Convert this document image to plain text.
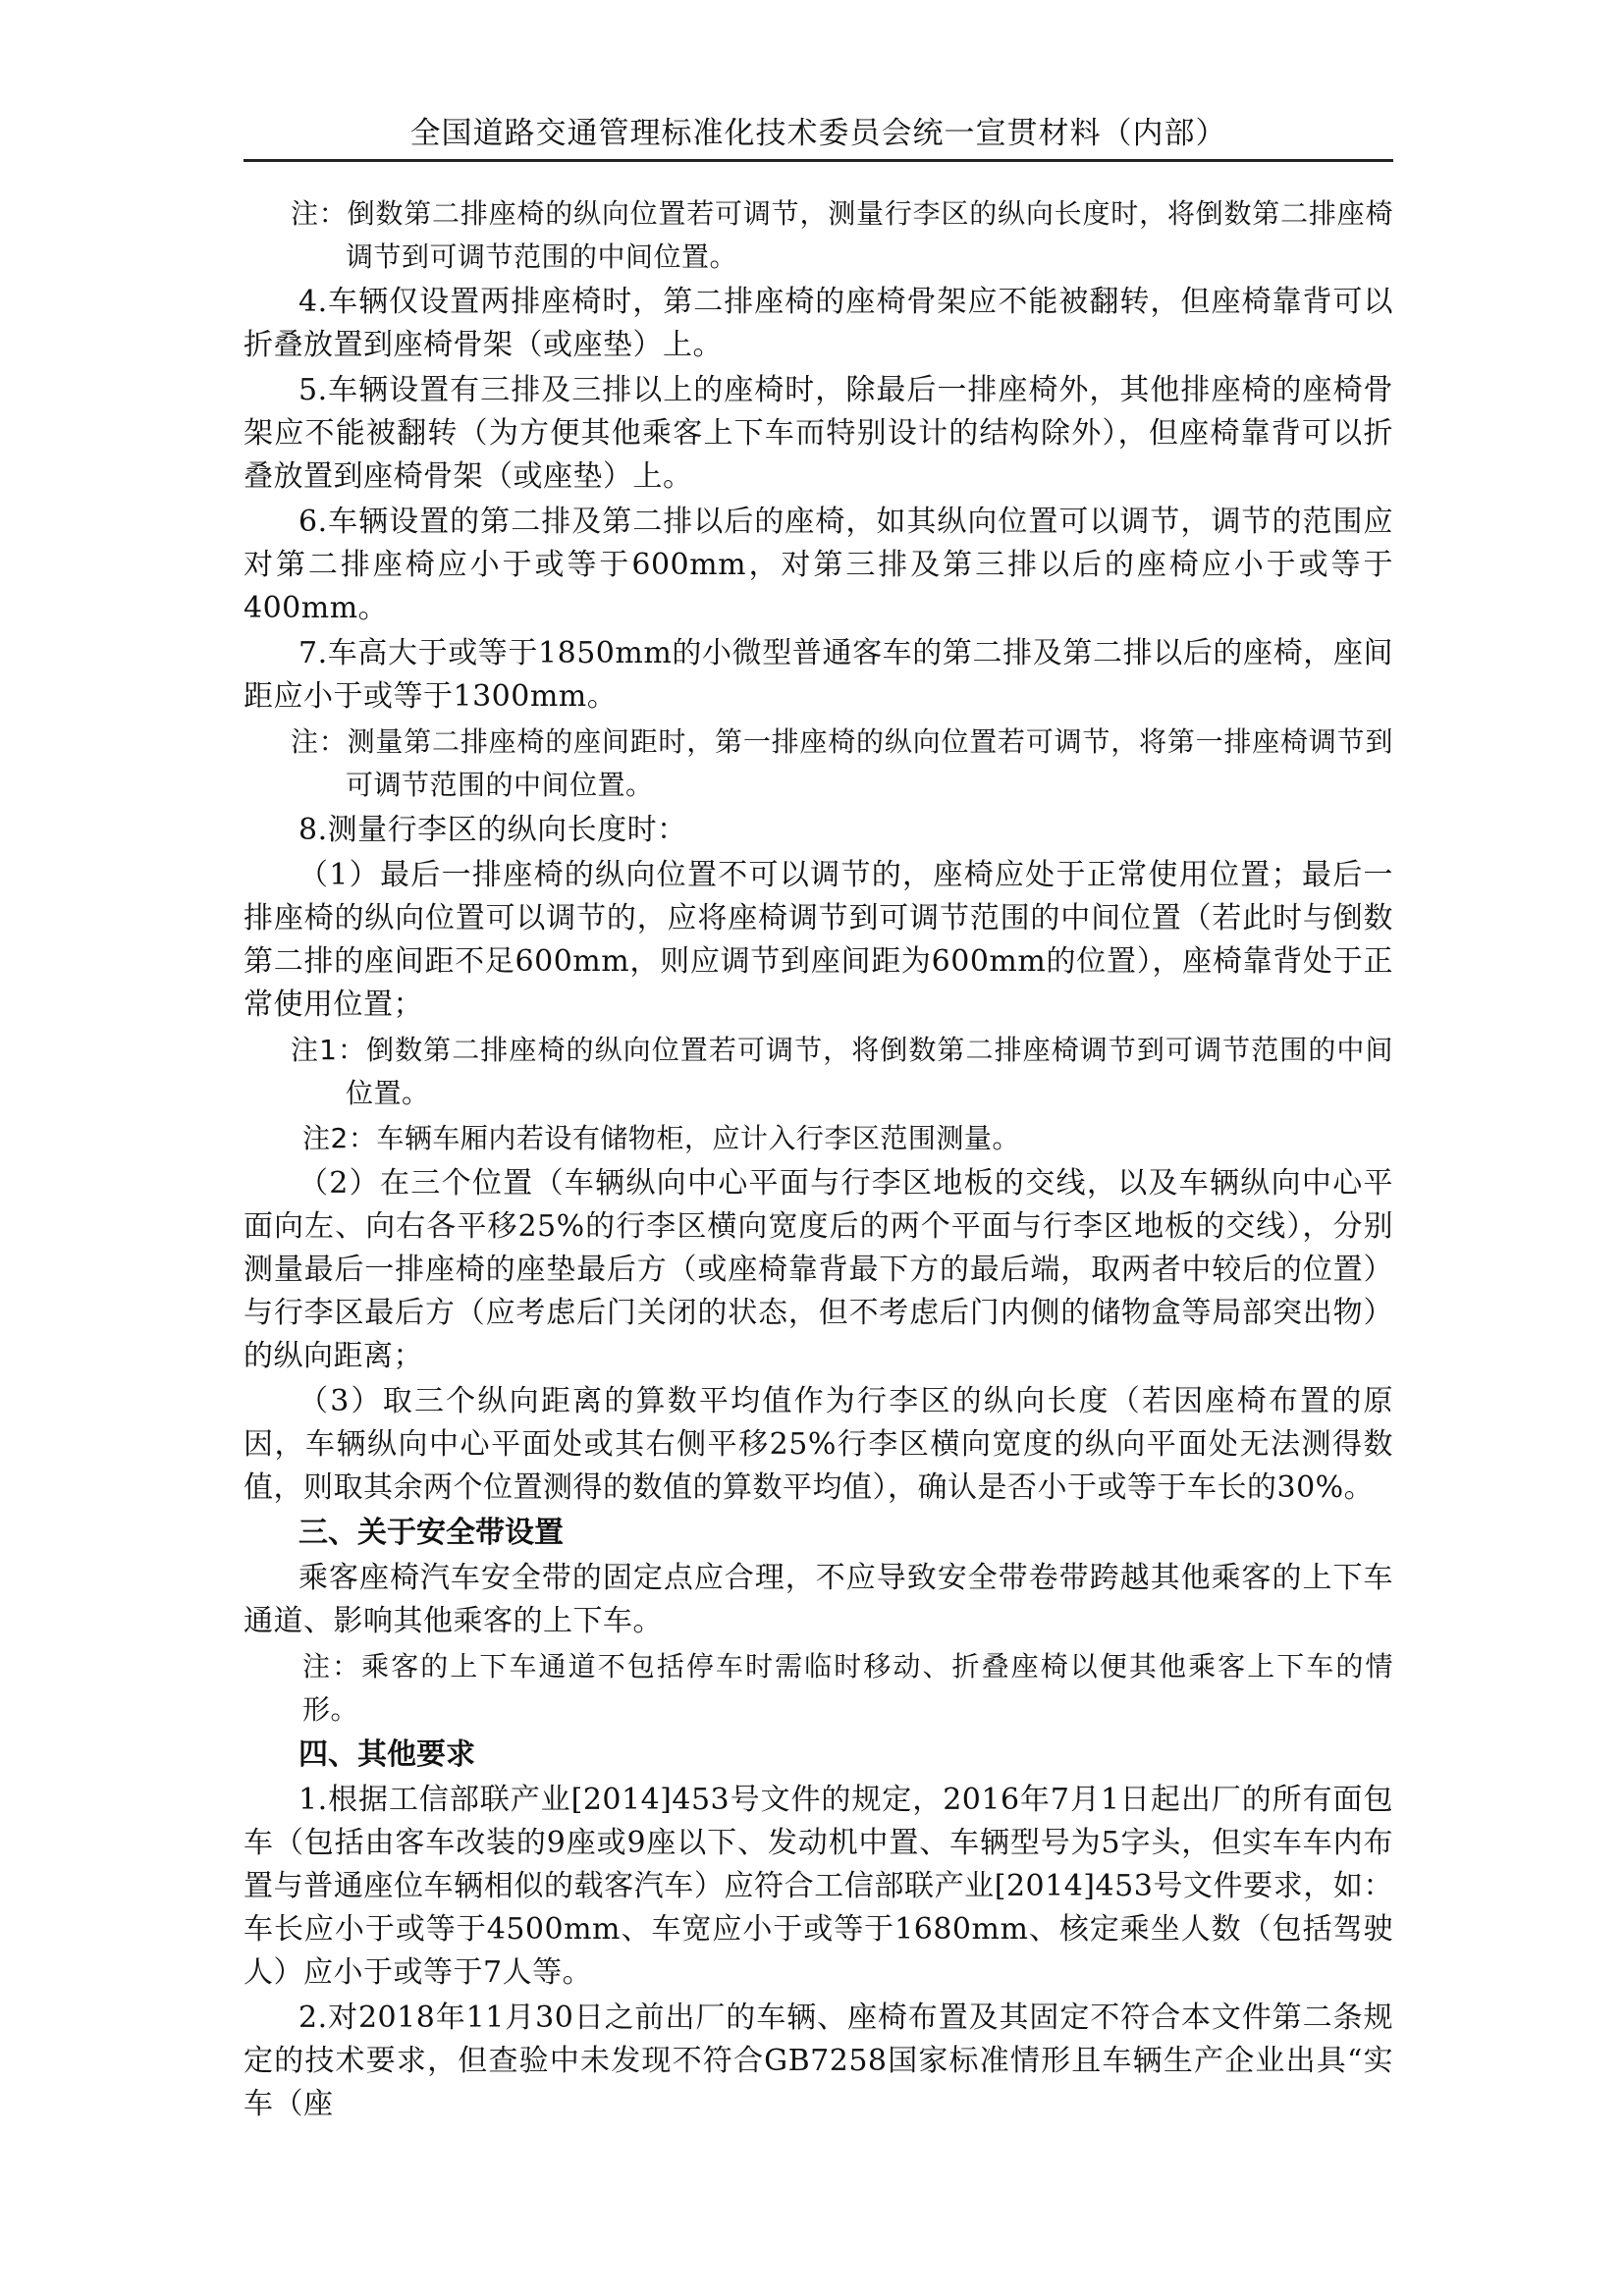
全国道路交通管理标准化技术委员会统一宣贯材料（内部）

注：倒数第二排座椅的纵向位置若可调节，测量行李区的纵向长度时，将倒数第二排座椅调节到可调节范围的中间位置。

4.车辆仅设置两排座椅时，第二排座椅的座椅骨架应不能被翻转，但座椅靠背可以折叠放置到座椅骨架（或座垫）上。

5.车辆设置有三排及三排以上的座椅时，除最后一排座椅外，其他排座椅的座椅骨架应不能被翻转（为方便其他乘客上下车而特别设计的结构除外），但座椅靠背可以折叠放置到座椅骨架（或座垫）上。

6.车辆设置的第二排及第二排以后的座椅，如其纵向位置可以调节，调节的范围应对第二排座椅应小于或等于600mm，对第三排及第三排以后的座椅应小于或等于400mm。

7.车高大于或等于1850mm的小微型普通客车的第二排及第二排以后的座椅，座间距应小于或等于1300mm。

注：测量第二排座椅的座间距时，第一排座椅的纵向位置若可调节，将第一排座椅调节到可调节范围的中间位置。

8.测量行李区的纵向长度时：

（1）最后一排座椅的纵向位置不可以调节的，座椅应处于正常使用位置；最后一排座椅的纵向位置可以调节的，应将座椅调节到可调节范围的中间位置（若此时与倒数第二排的座间距不足600mm，则应调节到座间距为600mm的位置），座椅靠背处于正常使用位置；

注1：倒数第二排座椅的纵向位置若可调节，将倒数第二排座椅调节到可调节范围的中间位置。

注2：车辆车厢内若设有储物柜，应计入行李区范围测量。

（2）在三个位置（车辆纵向中心平面与行李区地板的交线，以及车辆纵向中心平面向左、向右各平移25%的行李区横向宽度后的两个平面与行李区地板的交线），分别测量最后一排座椅的座垫最后方（或座椅靠背最下方的最后端，取两者中较后的位置）与行李区最后方（应考虑后门关闭的状态，但不考虑后门内侧的储物盒等局部突出物）的纵向距离；

（3）取三个纵向距离的算数平均值作为行李区的纵向长度（若因座椅布置的原因，车辆纵向中心平面处或其右侧平移25%行李区横向宽度的纵向平面处无法测得数值，则取其余两个位置测得的数值的算数平均值），确认是否小于或等于车长的30%。

三、关于安全带设置

乘客座椅汽车安全带的固定点应合理，不应导致安全带卷带跨越其他乘客的上下车通道、影响其他乘客的上下车。

注：乘客的上下车通道不包括停车时需临时移动、折叠座椅以便其他乘客上下车的情形。

四、其他要求

1.根据工信部联产业[2014]453号文件的规定，2016年7月1日起出厂的所有面包车（包括由客车改装的9座或9座以下、发动机中置、车辆型号为5字头，但实车车内布置与普通座位车辆相似的载客汽车）应符合工信部联产业[2014]453号文件要求，如：车长应小于或等于4500mm、车宽应小于或等于1680mm、核定乘坐人数（包括驾驶人）应小于或等于7人等。

2.对2018年11月30日之前出厂的车辆、座椅布置及其固定不符合本文件第二条规定的技术要求，但查验中未发现不符合GB7258国家标准情形且车辆生产企业出具“实车（座
